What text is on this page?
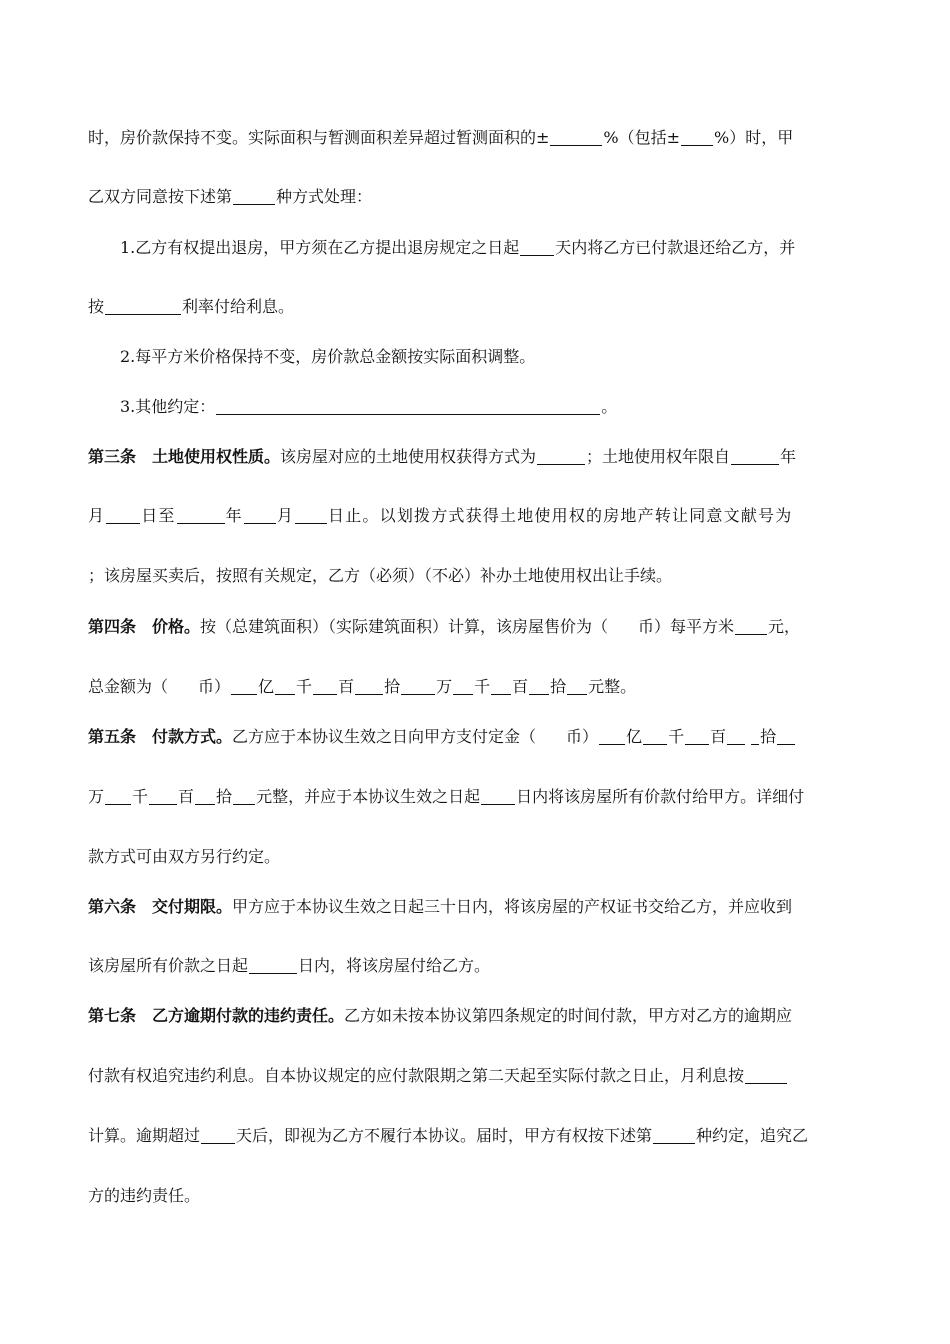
时，房价款保持不变。实际面积与暂测面积差异超过暂测面积的±	%（包括± %）时，甲
乙双方同意按下述第	种方式处理：
1.乙方有权提出退房，甲方须在乙方提出退房规定之日起 天内将乙方已付款退还给乙方，并
按	利率付给利息。
2.每平方米价格保持不变，房价款总金额按实际面积调整。
3.其他约定：	。
第三条　土地使用权性质。该房屋对应的土地使用权获得方式为	；土地使用权年限自	年
月 日至	年 月 日止。以划拨方式获得土地使用权的房地产转让同意文献号为
；该房屋买卖后，按照有关规定，乙方（必须）（不必）补办土地使用权出让手续。
第四条　价格。按（总建筑面积）（实际建筑面积）计算，该房屋售价为（ 币）每平方米 元，
总金额为（ 币） 亿 千 百 拾 万 千 百 拾 元整。
第五条　付款方式。乙方应于本协议生效之日向甲方支付定金（ 币） 亿 千 百 拾
万 千 百 拾 元整，并应于本协议生效之日起 日内将该房屋所有价款付给甲方。详细付
款方式可由双方另行约定。
第六条　交付期限。甲方应于本协议生效之日起三十日内，将该房屋的产权证书交给乙方，并应收到
该房屋所有价款之日起	日内，将该房屋付给乙方。
第七条　乙方逾期付款的违约责任。乙方如未按本协议第四条规定的时间付款，甲方对乙方的逾期应
付款有权追究违约利息。自本协议规定的应付款限期之第二天起至实际付款之日止，月利息按
计算。逾期超过 天后，即视为乙方不履行本协议。届时，甲方有权按下述第	种约定，追究乙
方的违约责任。
